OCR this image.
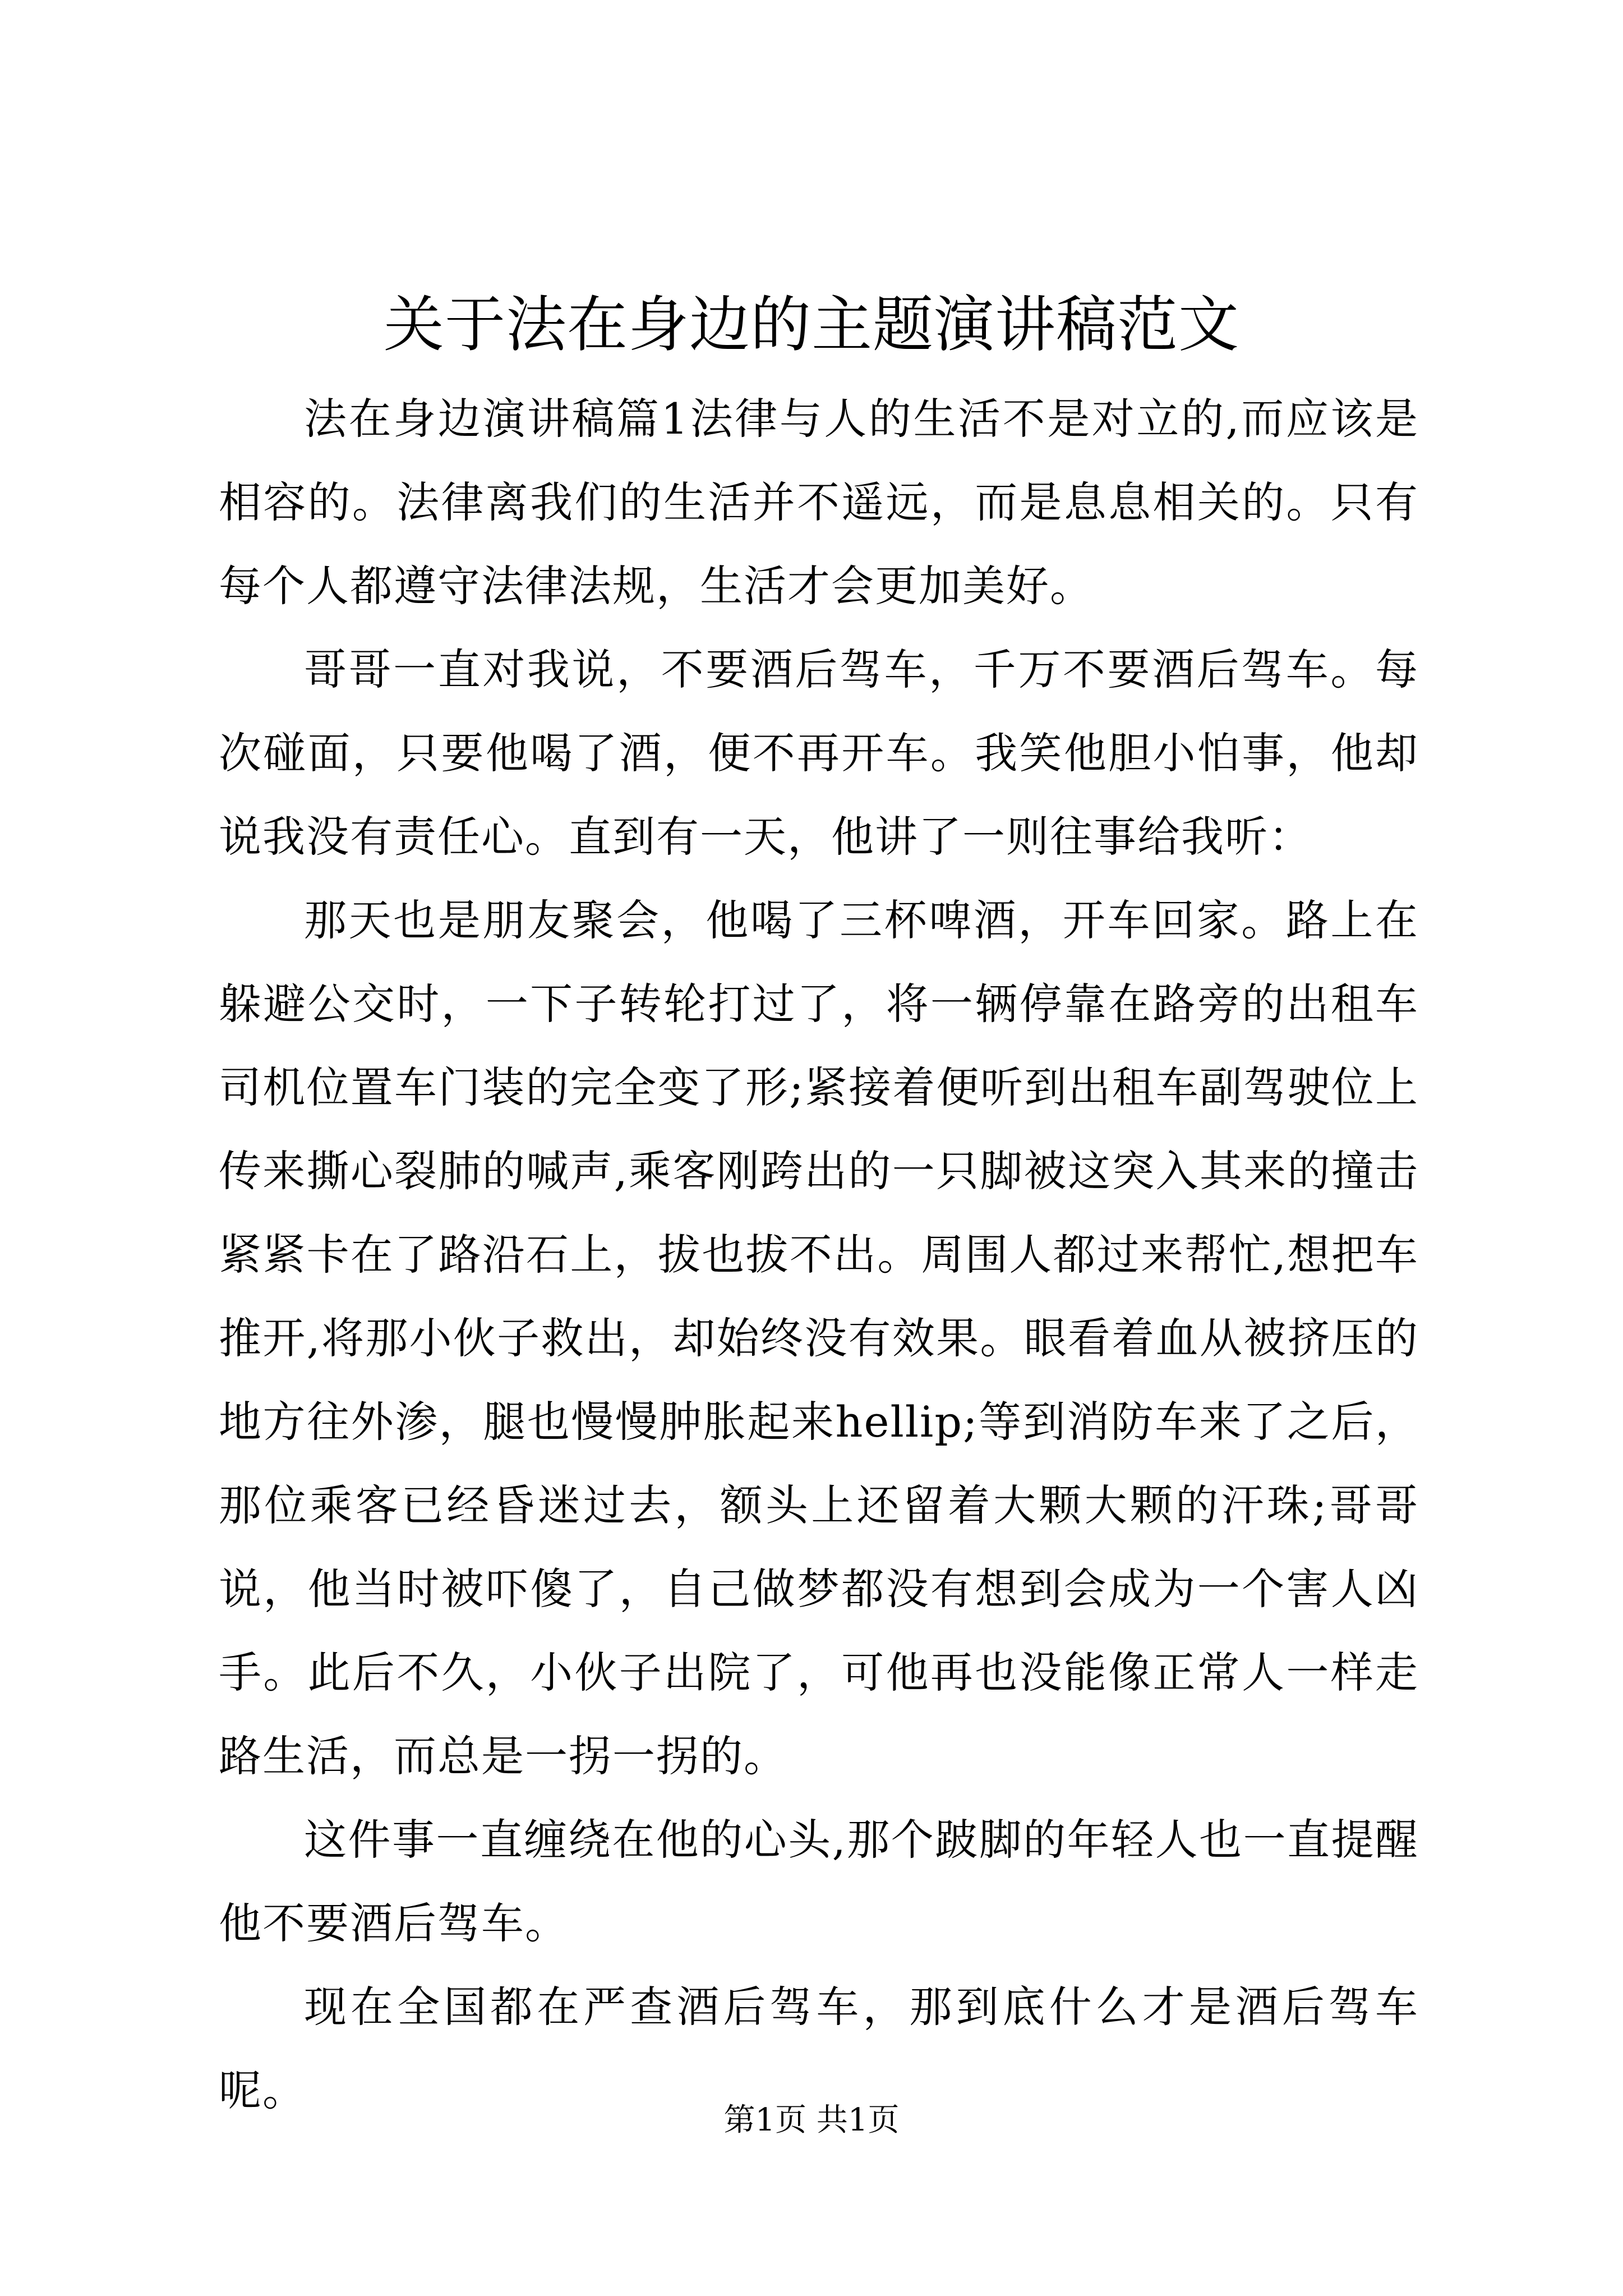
关于法在身边的主题演讲稿范文

法在身边演讲稿篇1法律与人的生活不是对立的,而应该是相容的。法律离我们的生活并不遥远，而是息息相关的。只有每个人都遵守法律法规，生活才会更加美好。

哥哥一直对我说，不要酒后驾车，千万不要酒后驾车。每次碰面，只要他喝了酒，便不再开车。我笑他胆小怕事，他却说我没有责任心。直到有一天，他讲了一则往事给我听：

那天也是朋友聚会，他喝了三杯啤酒，开车回家。路上在躲避公交时，一下子转轮打过了，将一辆停靠在路旁的出租车司机位置车门装的完全变了形;紧接着便听到出租车副驾驶位上传来撕心裂肺的喊声,乘客刚跨出的一只脚被这突入其来的撞击紧紧卡在了路沿石上，拔也拔不出。周围人都过来帮忙,想把车推开,将那小伙子救出，却始终没有效果。眼看着血从被挤压的地方往外渗，腿也慢慢肿胀起来hellip;等到消防车来了之后，那位乘客已经昏迷过去，额头上还留着大颗大颗的汗珠;哥哥说，他当时被吓傻了，自己做梦都没有想到会成为一个害人凶手。此后不久，小伙子出院了，可他再也没能像正常人一样走路生活，而总是一拐一拐的。

这件事一直缠绕在他的心头,那个跛脚的年轻人也一直提醒他不要酒后驾车。

现在全国都在严查酒后驾车，那到底什么才是酒后驾车呢。

第1页 共1页
